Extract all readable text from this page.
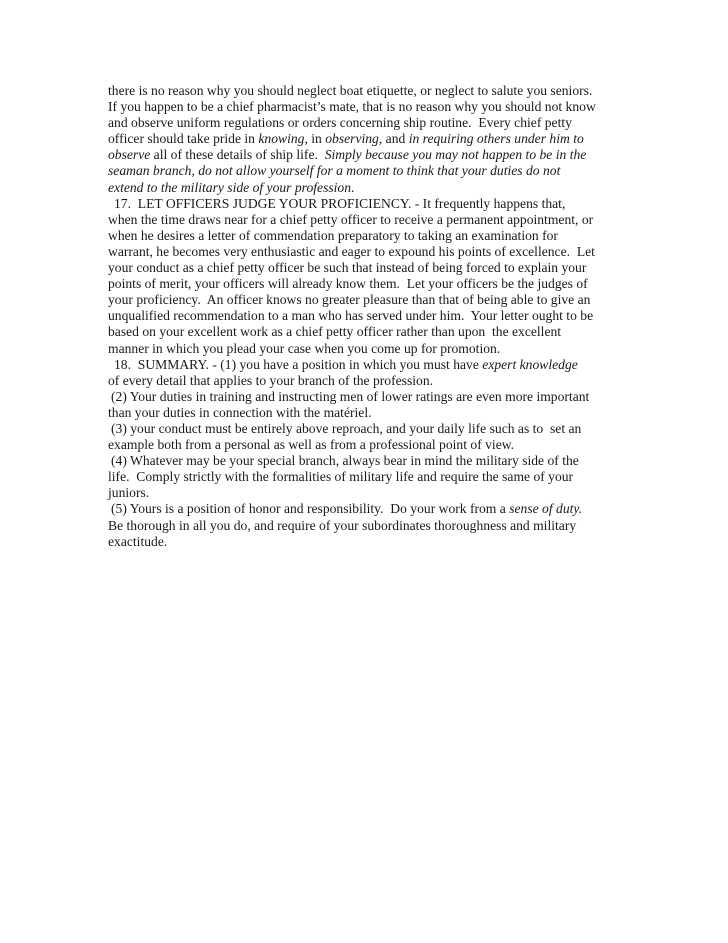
there is no reason why you should neglect boat etiquette, or neglect to salute you seniors.
If you happen to be a chief pharmacist’s mate, that is no reason why you should not know
and observe uniform regulations or orders concerning ship routine.  Every chief petty
officer should take pride in knowing, in observing, and in requiring others under him to
observe all of these details of ship life.  Simply because you may not happen to be in the
seaman branch, do not allow yourself for a moment to think that your duties do not
extend to the military side of your profession.
17.  LET OFFICERS JUDGE YOUR PROFICIENCY. - It frequently happens that,
when the time draws near for a chief petty officer to receive a permanent appointment, or
when he desires a letter of commendation preparatory to taking an examination for
warrant, he becomes very enthusiastic and eager to expound his points of excellence.  Let
your conduct as a chief petty officer be such that instead of being forced to explain your
points of merit, your officers will already know them.  Let your officers be the judges of
your proficiency.  An officer knows no greater pleasure than that of being able to give an
unqualified recommendation to a man who has served under him.  Your letter ought to be
based on your excellent work as a chief petty officer rather than upon  the excellent
manner in which you plead your case when you come up for promotion.
18.  SUMMARY. - (1) you have a position in which you must have expert knowledge
of every detail that applies to your branch of the profession.
(2) Your duties in training and instructing men of lower ratings are even more important
than your duties in connection with the matériel.
(3) your conduct must be entirely above reproach, and your daily life such as to  set an
example both from a personal as well as from a professional point of view.
(4) Whatever may be your special branch, always bear in mind the military side of the
life.  Comply strictly with the formalities of military life and require the same of your
juniors.
(5) Yours is a position of honor and responsibility.  Do your work from a sense of duty.
Be thorough in all you do, and require of your subordinates thoroughness and military
exactitude.
